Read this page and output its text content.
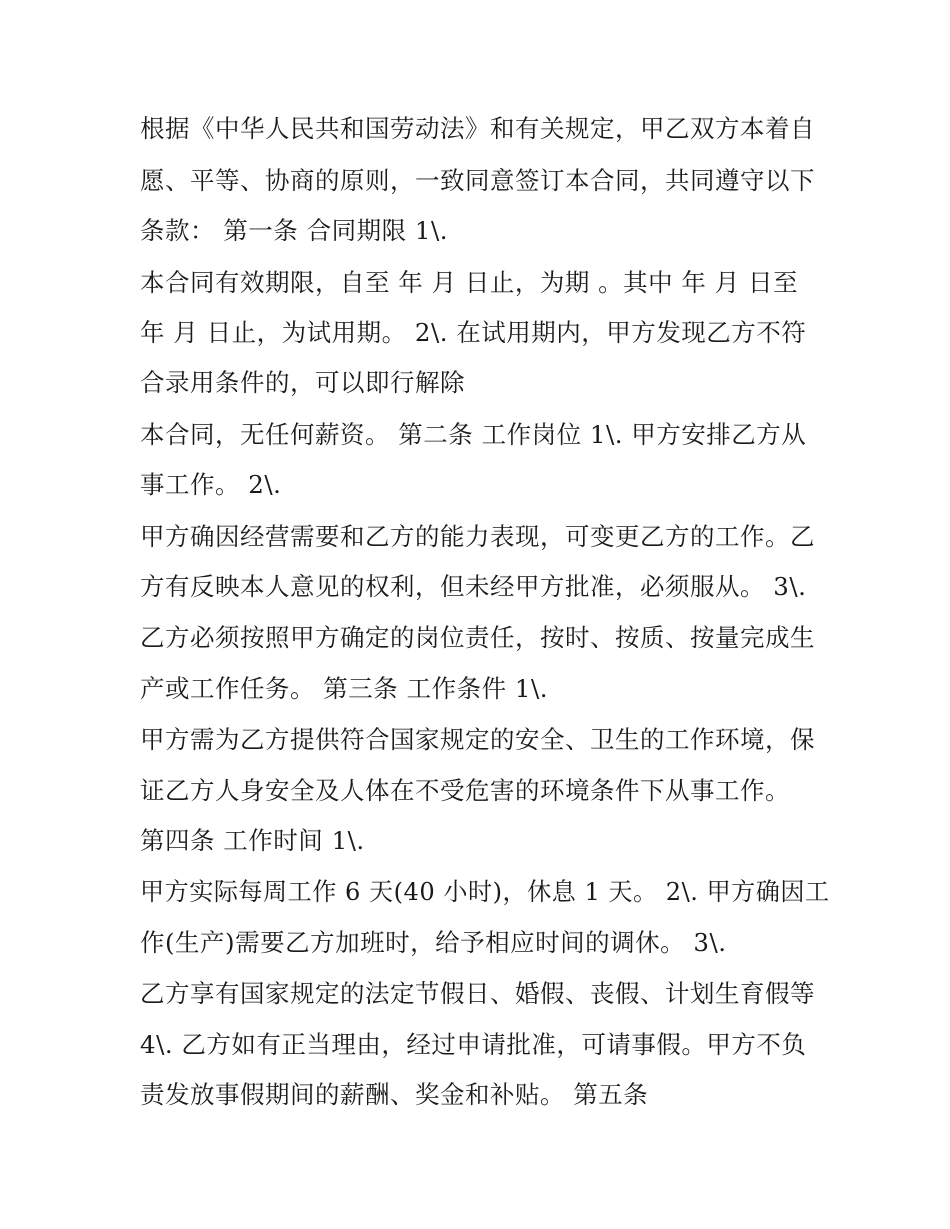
根据《中华人民共和国劳动法》和有关规定，甲乙双方本着自
愿、平等、协商的原则，一致同意签订本合同，共同遵守以下
条款： 第一条 合同期限 1\.
本合同有效期限，自至 年 月 日止，为期 。其中 年 月 日至
年 月 日止，为试用期。 2\. 在试用期内，甲方发现乙方不符
合录用条件的，可以即行解除
本合同，无任何薪资。 第二条 工作岗位 1\. 甲方安排乙方从
事工作。 2\.
甲方确因经营需要和乙方的能力表现，可变更乙方的工作。乙
方有反映本人意见的权利，但未经甲方批准，必须服从。 3\.
乙方必须按照甲方确定的岗位责任，按时、按质、按量完成生
产或工作任务。 第三条 工作条件 1\.
甲方需为乙方提供符合国家规定的安全、卫生的工作环境，保
证乙方人身安全及人体在不受危害的环境条件下从事工作。
第四条 工作时间 1\.
甲方实际每周工作 6 天(40 小时)，休息 1 天。 2\. 甲方确因工
作(生产)需要乙方加班时，给予相应时间的调休。 3\.
乙方享有国家规定的法定节假日、婚假、丧假、计划生育假等
4\. 乙方如有正当理由，经过申请批准，可请事假。甲方不负
责发放事假期间的薪酬、奖金和补贴。 第五条
